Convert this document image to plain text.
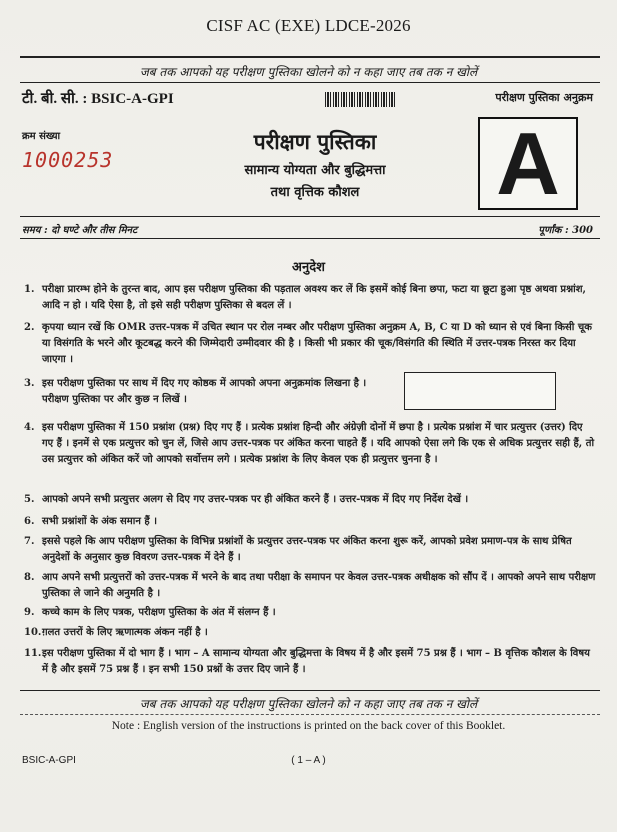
CISF AC (EXE) LDCE-2026
जब तक आपको यह परीक्षण पुस्तिका खोलने को न कहा जाए तब तक न खोलें
टी. बी. सी. : BSIC-A-GPI	परीक्षण पुस्तिका अनुक्रम
क्रम संख्या
1000253
परीक्षण पुस्तिका
सामान्य योग्यता और बुद्धिमत्ता
तथा वृत्तिक कौशल	A
समय : दो घण्टे और तीस मिनट	पूर्णांक : 300
अनुदेश
1. परीक्षा प्रारम्भ होने के तुरन्त बाद, आप इस परीक्षण पुस्तिका की पड़ताल अवश्य कर लें कि इसमें कोई बिना छपा, फटा या छूटा हुआ पृष्ठ अथवा प्रश्नांश, आदि न हो । यदि ऐसा है, तो इसे सही परीक्षण पुस्तिका से बदल लें ।
2. कृपया ध्यान रखें कि OMR उत्तर-पत्रक में उचित स्थान पर रोल नम्बर और परीक्षण पुस्तिका अनुक्रम A, B, C या D को ध्यान से एवं बिना किसी चूक या विसंगति के भरने और कूटबद्ध करने की जिम्मेदारी उम्मीदवार की है । किसी भी प्रकार की चूक/विसंगति की स्थिति में उत्तर-पत्रक निरस्त कर दिया जाएगा ।
3. इस परीक्षण पुस्तिका पर साथ में दिए गए कोष्ठक में आपको अपना अनुक्रमांक लिखना है । परीक्षण पुस्तिका पर और कुछ न लिखें ।
4. इस परीक्षण पुस्तिका में 150 प्रश्नांश (प्रश्न) दिए गए हैं । प्रत्येक प्रश्नांश हिन्दी और अंग्रेज़ी दोनों में छपा है । प्रत्येक प्रश्नांश में चार प्रत्युत्तर (उत्तर) दिए गए हैं । इनमें से एक प्रत्युत्तर को चुन लें, जिसे आप उत्तर-पत्रक पर अंकित करना चाहते हैं । यदि आपको ऐसा लगे कि एक से अधिक प्रत्युत्तर सही हैं, तो उस प्रत्युत्तर को अंकित करें जो आपको सर्वोत्तम लगे । प्रत्येक प्रश्नांश के लिए केवल एक ही प्रत्युत्तर चुनना है ।
5. आपको अपने सभी प्रत्युत्तर अलग से दिए गए उत्तर-पत्रक पर ही अंकित करने हैं । उत्तर-पत्रक में दिए गए निर्देश देखें ।
6. सभी प्रश्नांशों के अंक समान हैं ।
7. इससे पहले कि आप परीक्षण पुस्तिका के विभिन्न प्रश्नांशों के प्रत्युत्तर उत्तर-पत्रक पर अंकित करना शुरू करें, आपको प्रवेश प्रमाण-पत्र के साथ प्रेषित अनुदेशों के अनुसार कुछ विवरण उत्तर-पत्रक में देने हैं ।
8. आप अपने सभी प्रत्युत्तरों को उत्तर-पत्रक में भरने के बाद तथा परीक्षा के समापन पर केवल उत्तर-पत्रक अधीक्षक को सौंप दें । आपको अपने साथ परीक्षण पुस्तिका ले जाने की अनुमति है ।
9. कच्चे काम के लिए पत्रक, परीक्षण पुस्तिका के अंत में संलग्न हैं ।
10. ग़लत उत्तरों के लिए ऋणात्मक अंकन नहीं है ।
11. इस परीक्षण पुस्तिका में दो भाग हैं । भाग – A सामान्य योग्यता और बुद्धिमत्ता के विषय में है और इसमें 75 प्रश्न हैं । भाग – B वृत्तिक कौशल के विषय में है और इसमें 75 प्रश्न हैं । इन सभी 150 प्रश्नों के उत्तर दिए जाने हैं ।
जब तक आपको यह परीक्षण पुस्तिका खोलने को न कहा जाए तब तक न खोलें
Note : English version of the instructions is printed on the back cover of this Booklet.
BSIC-A-GPI	( 1 – A )
